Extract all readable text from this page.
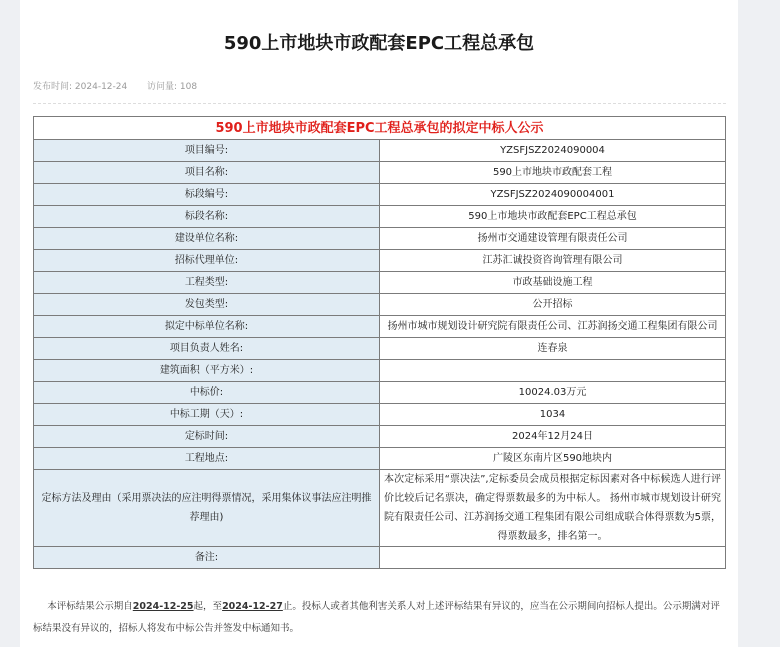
590上市地块市政配套EPC工程总承包
发布时间: 2024-12-24 访问量: 108
590上市地块市政配套EPC工程总承包的拟定中标人公示	
项目编号:	YZSFJSZ2024090004
项目名称:	590上市地块市政配套工程
标段编号:	YZSFJSZ2024090004001
标段名称:	590上市地块市政配套EPC工程总承包
建设单位名称:	扬州市交通建设管理有限责任公司
招标代理单位:	江苏汇诚投资咨询管理有限公司
工程类型:	市政基础设施工程
发包类型:	公开招标
拟定中标单位名称:	扬州市城市规划设计研究院有限责任公司、江苏润扬交通工程集团有限公司
项目负责人姓名:	连春泉
建筑面积（平方米）:	
中标价:	10024.03万元
中标工期（天）:	1034
定标时间:	2024年12月24日
工程地点:	广陵区东南片区590地块内
定标方法及理由（采用票决法的应注明得票情况，采用集体议事法应注明推荐理由)	本次定标采用“票决法”,定标委员会成员根据定标因素对各中标候选人进行评价比较后记名票决，确定得票数最多的为中标人。 扬州市城市规划设计研究院有限责任公司、江苏润扬交通工程集团有限公司组成联合体得票数为5票，得票数最多，排名第一。
备注:	
本评标结果公示期自2024-12-25起，至2024-12-27止。投标人或者其他利害关系人对上述评标结果有异议的，应当在公示期间向招标人提出。公示期满对评标结果没有异议的，招标人将发布中标公告并签发中标通知书。
